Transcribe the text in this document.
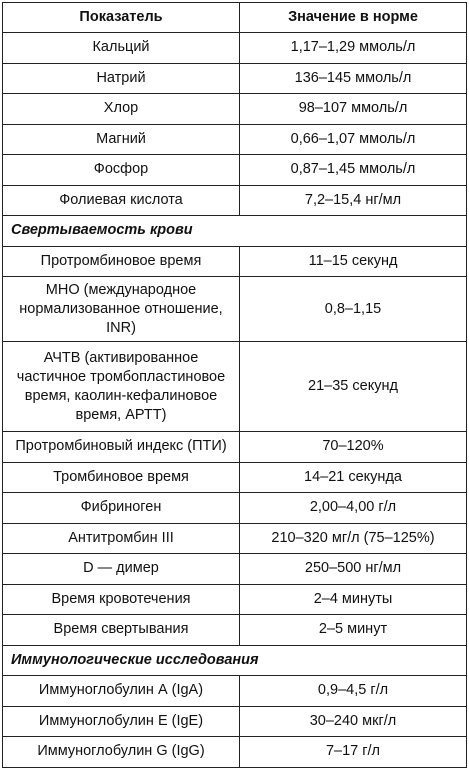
Показатель	Значение в норме
Кальций	1,17–1,29 ммоль/л
Натрий	136–145 ммоль/л
Хлор	98–107 ммоль/л
Магний	0,66–1,07 ммоль/л
Фосфор	0,87–1,45 ммоль/л
Фолиевая кислота	7,2–15,4 нг/мл
Свертываемость крови	
Протромбиновое время	11–15 секунд
МНО (международное нормализованное отношение, INR)	0,8–1,15
АЧТВ (активированное частичное тромбопластиновое время, каолин-кефалиновое время, АРТТ)	21–35 секунд
Протромбиновый индекс (ПТИ)	70–120%
Тромбиновое время	14–21 секунда
Фибриноген	2,00–4,00 г/л
Антитромбин III	210–320 мг/л (75–125%)
D — димер	250–500 нг/мл
Время кровотечения	2–4 минуты
Время свертывания	2–5 минут
Иммунологические исследования	
Иммуноглобулин А (IgA)	0,9–4,5 г/л
Иммуноглобулин Е (IgE)	30–240 мкг/л
Иммуноглобулин G (IgG)	7–17 г/л
